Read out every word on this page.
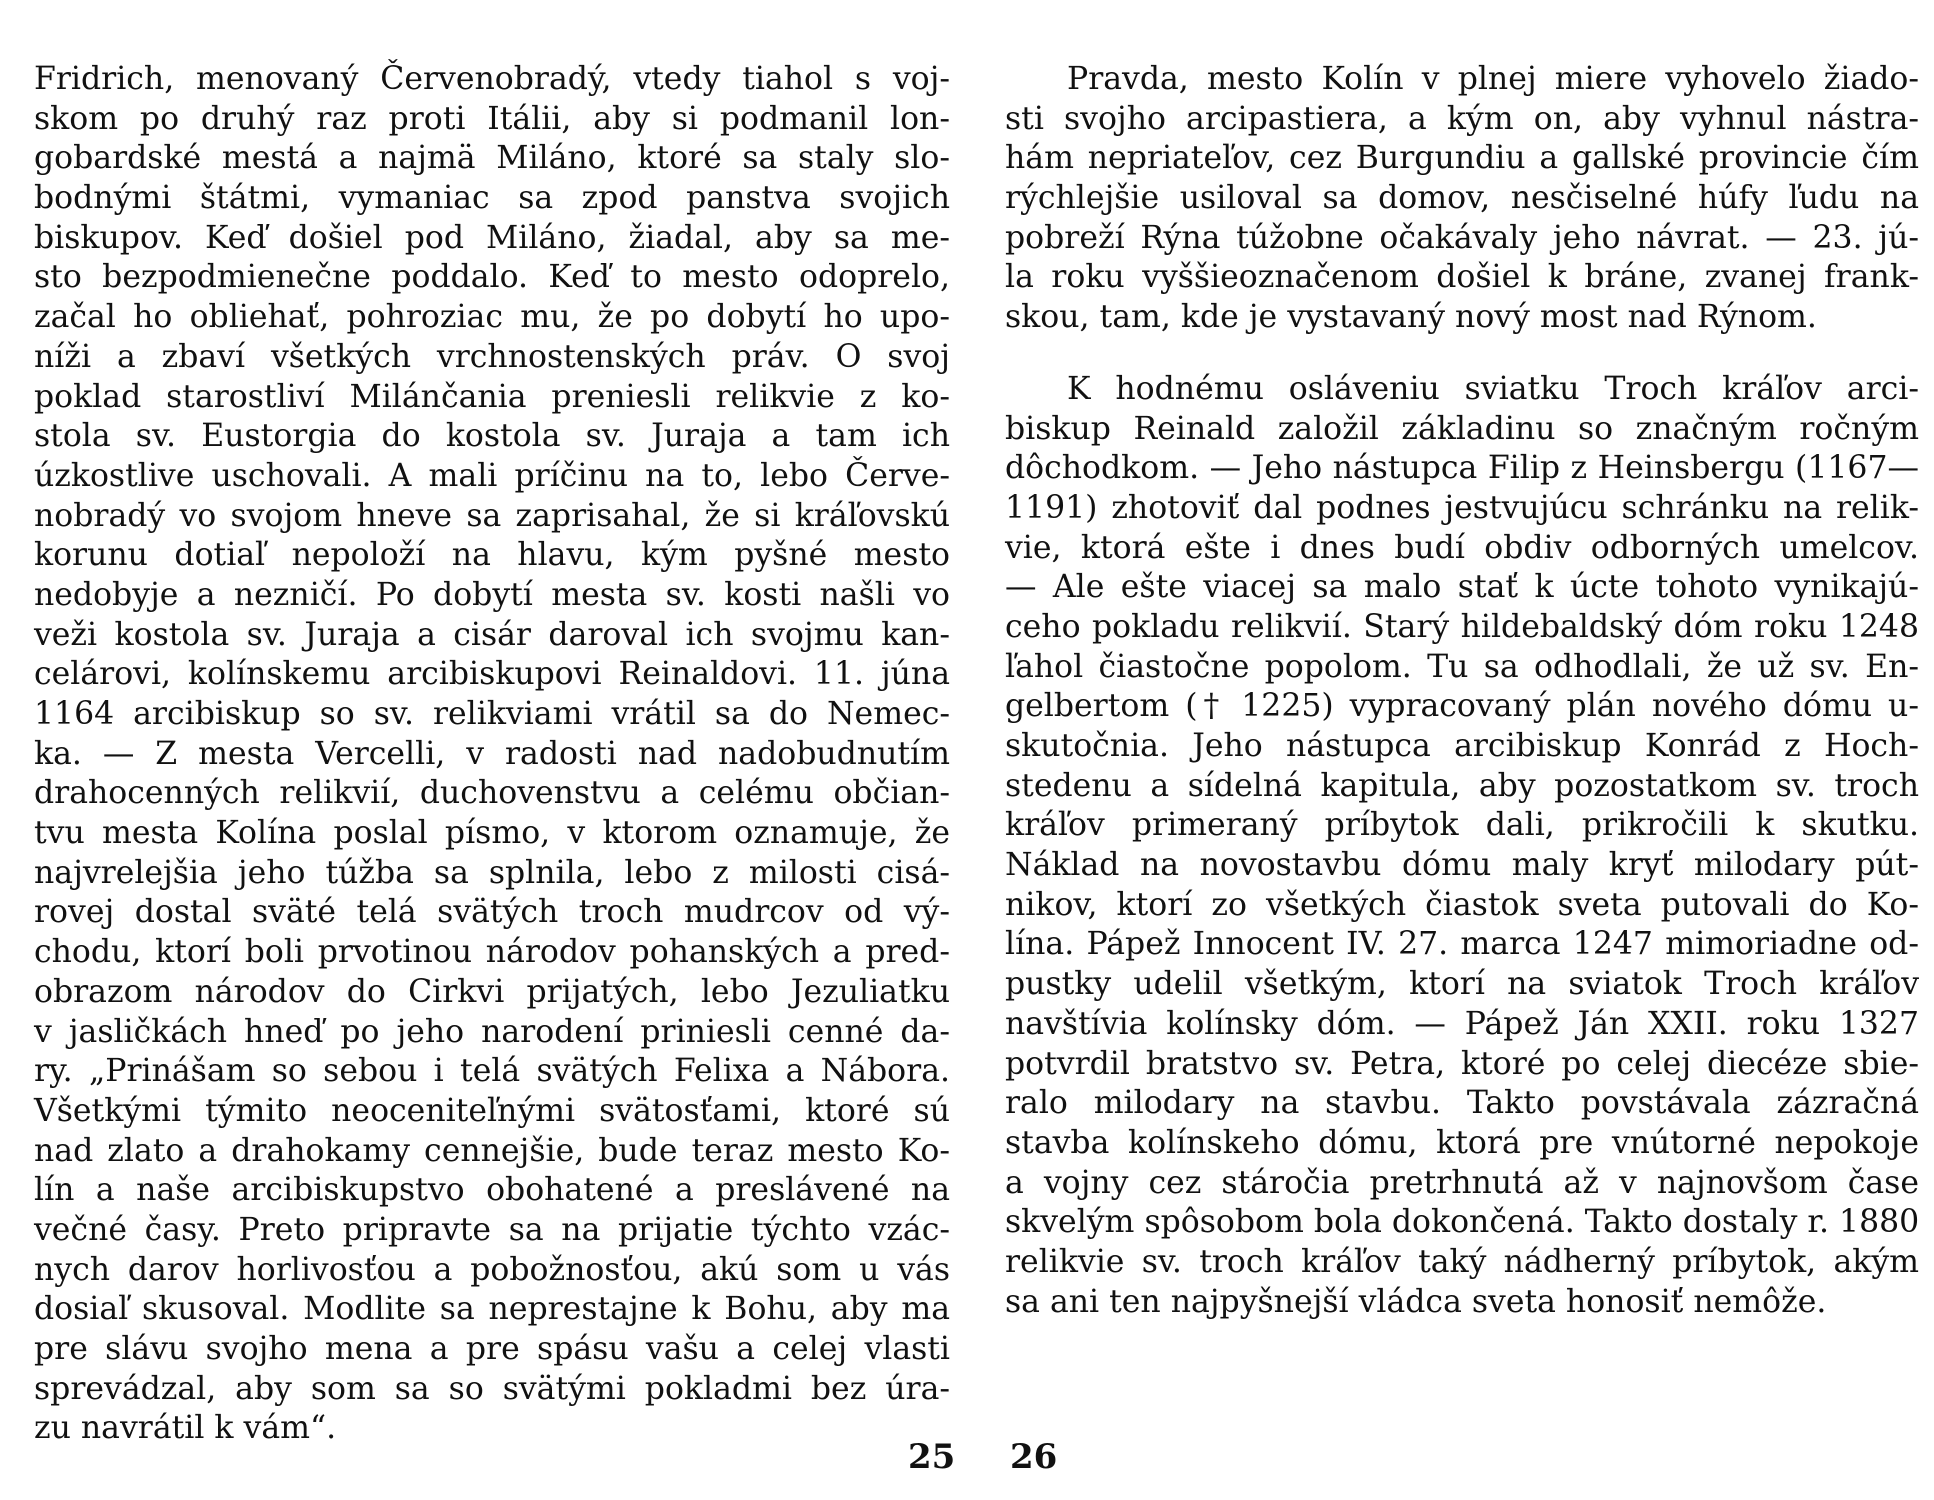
Fridrich, menovaný Červenobradý, vtedy tiahol s voj-
skom po druhý raz proti Itálii, aby si podmanil lon-
gobardské mestá a najmä Miláno, ktoré sa staly slo-
bodnými štátmi, vymaniac sa zpod panstva svojich
biskupov. Keď došiel pod Miláno, žiadal, aby sa me-
sto bezpodmienečne poddalo. Keď to mesto odoprelo,
začal ho obliehať, pohroziac mu, že po dobytí ho upo-
níži a zbaví všetkých vrchnostenských práv. O svoj
poklad starostliví Milánčania preniesli relikvie z ko-
stola sv. Eustorgia do kostola sv. Juraja a tam ich
úzkostlive uschovali. A mali príčinu na to, lebo Červe-
nobradý vo svojom hneve sa zaprisahal, že si kráľovskú
korunu dotiaľ nepoloží na hlavu, kým pyšné mesto
nedobyje a nezničí. Po dobytí mesta sv. kosti našli vo
veži kostola sv. Juraja a cisár daroval ich svojmu kan-
celárovi, kolínskemu arcibiskupovi Reinaldovi. 11. júna
1164 arcibiskup so sv. relikviami vrátil sa do Nemec-
ka. — Z mesta Vercelli, v radosti nad nadobudnutím
drahocenných relikvií, duchovenstvu a celému občian-
tvu mesta Kolína poslal písmo, v ktorom oznamuje, že
najvrelejšia jeho túžba sa splnila, lebo z milosti cisá-
rovej dostal sväté telá svätých troch mudrcov od vý-
chodu, ktorí boli prvotinou národov pohanských a pred-
obrazom národov do Cirkvi prijatých, lebo Jezuliatku
v jasličkách hneď po jeho narodení priniesli cenné da-
ry. „Prinášam so sebou i telá svätých Felixa a Nábora.
Všetkými týmito neoceniteľnými svätosťami, ktoré sú
nad zlato a drahokamy cennejšie, bude teraz mesto Ko-
lín a naše arcibiskupstvo obohatené a preslávené na
večné časy. Preto pripravte sa na prijatie týchto vzác-
nych darov horlivosťou a pobožnosťou, akú som u vás
dosiaľ skusoval. Modlite sa neprestajne k Bohu, aby ma
pre slávu svojho mena a pre spásu vašu a celej vlasti
sprevádzal, aby som sa so svätými pokladmi bez úra-
zu navrátil k vám“.
Pravda, mesto Kolín v plnej miere vyhovelo žiado-
sti svojho arcipastiera, a kým on, aby vyhnul nástra-
hám nepriateľov, cez Burgundiu a gallské provincie čím
rýchlejšie usiloval sa domov, nesčiselné húfy ľudu na
pobreží Rýna túžobne očakávaly jeho návrat. — 23. jú-
la roku vyššieoznačenom došiel k bráne, zvanej frank-
skou, tam, kde je vystavaný nový most nad Rýnom.
K hodnému osláveniu sviatku Troch kráľov arci-
biskup Reinald založil základinu so značným ročným
dôchodkom. — Jeho nástupca Filip z Heinsbergu (1167—
1191) zhotoviť dal podnes jestvujúcu schránku na relik-
vie, ktorá ešte i dnes budí obdiv odborných umelcov.
— Ale ešte viacej sa malo stať k úcte tohoto vynikajú-
ceho pokladu relikvií. Starý hildebaldský dóm roku 1248
ľahol čiastočne popolom. Tu sa odhodlali, že už sv. En-
gelbertom († 1225) vypracovaný plán nového dómu u-
skutočnia. Jeho nástupca arcibiskup Konrád z Hoch-
stedenu a sídelná kapitula, aby pozostatkom sv. troch
kráľov primeraný príbytok dali, prikročili k skutku.
Náklad na novostavbu dómu maly kryť milodary pút-
nikov, ktorí zo všetkých čiastok sveta putovali do Ko-
lína. Pápež Innocent IV. 27. marca 1247 mimoriadne od-
pustky udelil všetkým, ktorí na sviatok Troch kráľov
navštívia kolínsky dóm. — Pápež Ján XXII. roku 1327
potvrdil bratstvo sv. Petra, ktoré po celej diecéze sbie-
ralo milodary na stavbu. Takto povstávala zázračná
stavba kolínskeho dómu, ktorá pre vnútorné nepokoje
a vojny cez stáročia pretrhnutá až v najnovšom čase
skvelým spôsobom bola dokončená. Takto dostaly r. 1880
relikvie sv. troch kráľov taký nádherný príbytok, akým
sa ani ten najpyšnejší vládca sveta honosiť nemôže.
25 26
